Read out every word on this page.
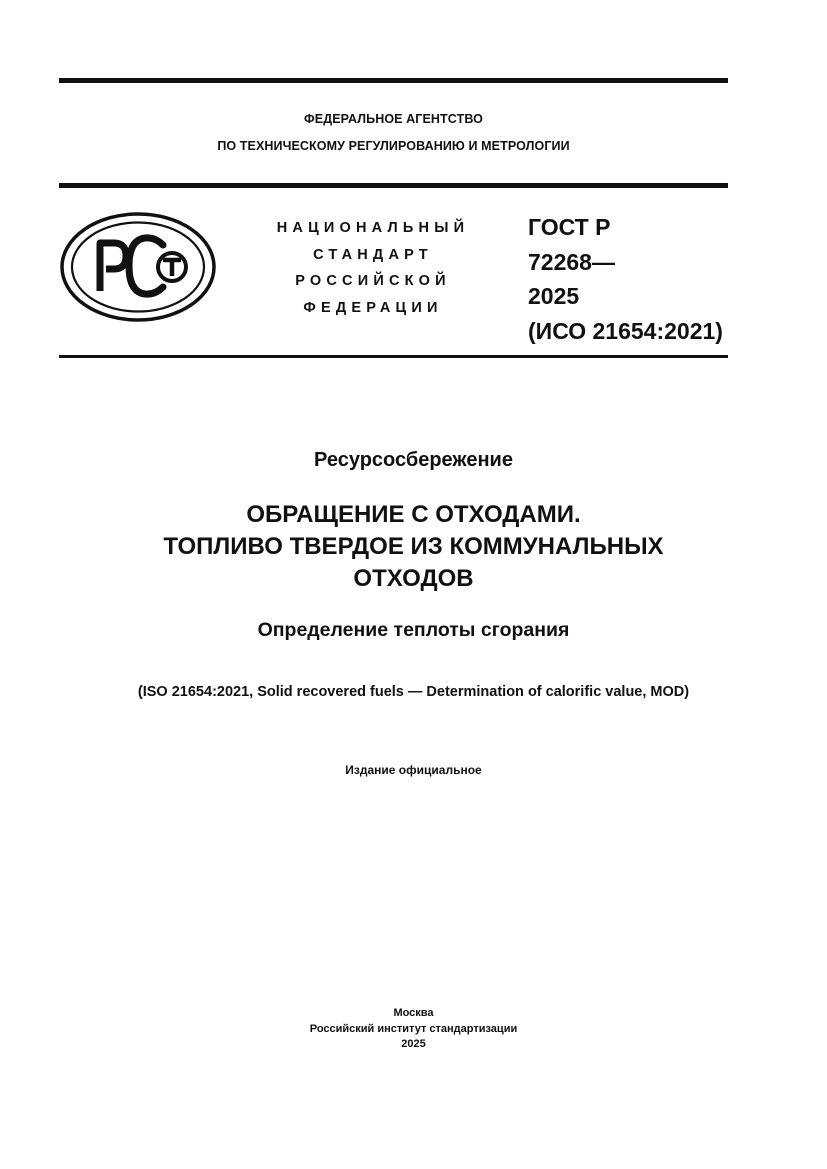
ФЕДЕРАЛЬНОЕ АГЕНТСТВО
ПО ТЕХНИЧЕСКОМУ РЕГУЛИРОВАНИЮ И МЕТРОЛОГИИ
НАЦИОНАЛЬНЫЙ
СТАНДАРТ
РОССИЙСКОЙ
ФЕДЕРАЦИИ
ГОСТ Р
72268—
2025
(ИСО 21654:2021)
Ресурсосбережение
ОБРАЩЕНИЕ С ОТХОДАМИ.
ТОПЛИВО ТВЕРДОЕ ИЗ КОММУНАЛЬНЫХ
ОТХОДОВ
Определение теплоты сгорания
(ISO 21654:2021, Solid recovered fuels — Determination of calorific value, MOD)
Издание официальное
Москва
Российский институт стандартизации
2025
